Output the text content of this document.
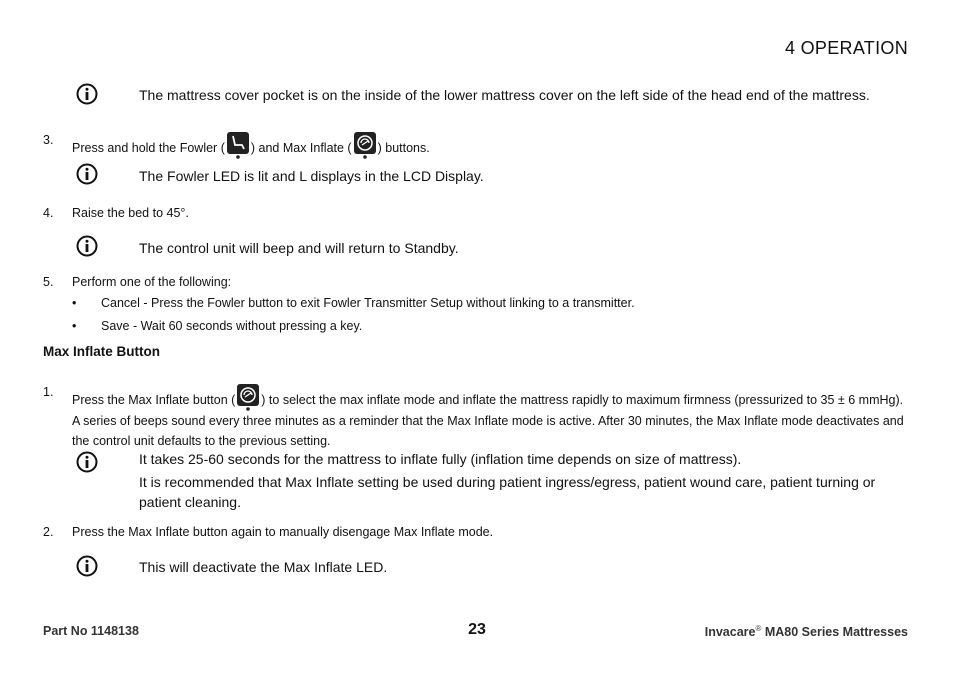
4 OPERATION
The mattress cover pocket is on the inside of the lower mattress cover on the left side of the head end of the mattress.
3.
Press and hold the Fowler ( ) and Max Inflate ( ) buttons.
The Fowler LED is lit and L displays in the LCD Display.
4. Raise the bed to 45°.
The control unit will beep and will return to Standby.
5. Perform one of the following:
• Cancel - Press the Fowler button to exit Fowler Transmitter Setup without linking to a transmitter.
• Save - Wait 60 seconds without pressing a key.
Max Inflate Button
1.
Press the Max Inflate button ( ) to select the max inflate mode and inflate the mattress rapidly to maximum firmness (pressurized to 35 ± 6 mmHg). A series of beeps sound every three minutes as a reminder that the Max Inflate mode is active. After 30 minutes, the Max Inflate mode deactivates and the control unit defaults to the previous setting.
It takes 25-60 seconds for the mattress to inflate fully (inflation time depends on size of mattress).
It is recommended that Max Inflate setting be used during patient ingress/egress, patient wound care, patient turning or patient cleaning.
2. Press the Max Inflate button again to manually disengage Max Inflate mode.
This will deactivate the Max Inflate LED.
Part No 1148138	23	Invacare® MA80 Series Mattresses
